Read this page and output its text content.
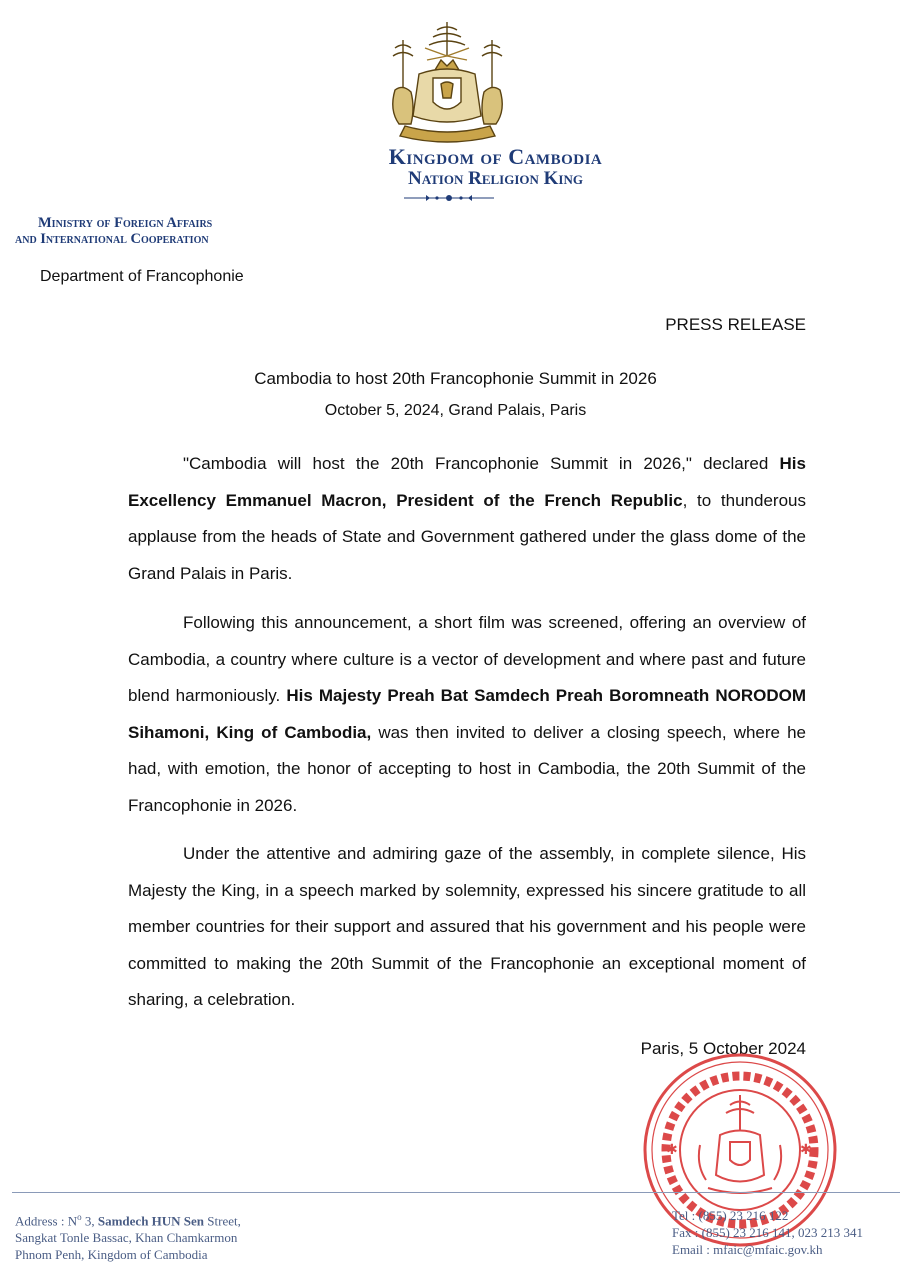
Kingdom of Cambodia
Nation Religion King
Ministry of Foreign Affairs
and International Cooperation
Department of Francophonie
PRESS RELEASE
Cambodia to host 20th Francophonie Summit in 2026
October 5, 2024, Grand Palais, Paris

"Cambodia will host the 20th Francophonie Summit in 2026," declared His Excellency Emmanuel Macron, President of the French Republic, to thunderous applause from the heads of State and Government gathered under the glass dome of the Grand Palais in Paris.

Following this announcement, a short film was screened, offering an overview of Cambodia, a country where culture is a vector of development and where past and future blend harmoniously. His Majesty Preah Bat Samdech Preah Boromneath NORODOM Sihamoni, King of Cambodia, was then invited to deliver a closing speech, where he had, with emotion, the honor of accepting to host in Cambodia, the 20th Summit of the Francophonie in 2026.

Under the attentive and admiring gaze of the assembly, in complete silence, His Majesty the King, in a speech marked by solemnity, expressed his sincere gratitude to all member countries for their support and assured that his government and his people were committed to making the 20th Summit of the Francophonie an exceptional moment of sharing, a celebration.

Paris, 5 October 2024
✱	✱
Address : $N^o$ 3, Samdech HUN Sen Street,
Sangkat Tonle Bassac, Khan Chamkarmon
Phnom Penh, Kingdom of Cambodia
Tel : (855) 23 216 122
Fax : (855) 23 216 141, 023 213 341
Email : mfaic@mfaic.gov.kh
